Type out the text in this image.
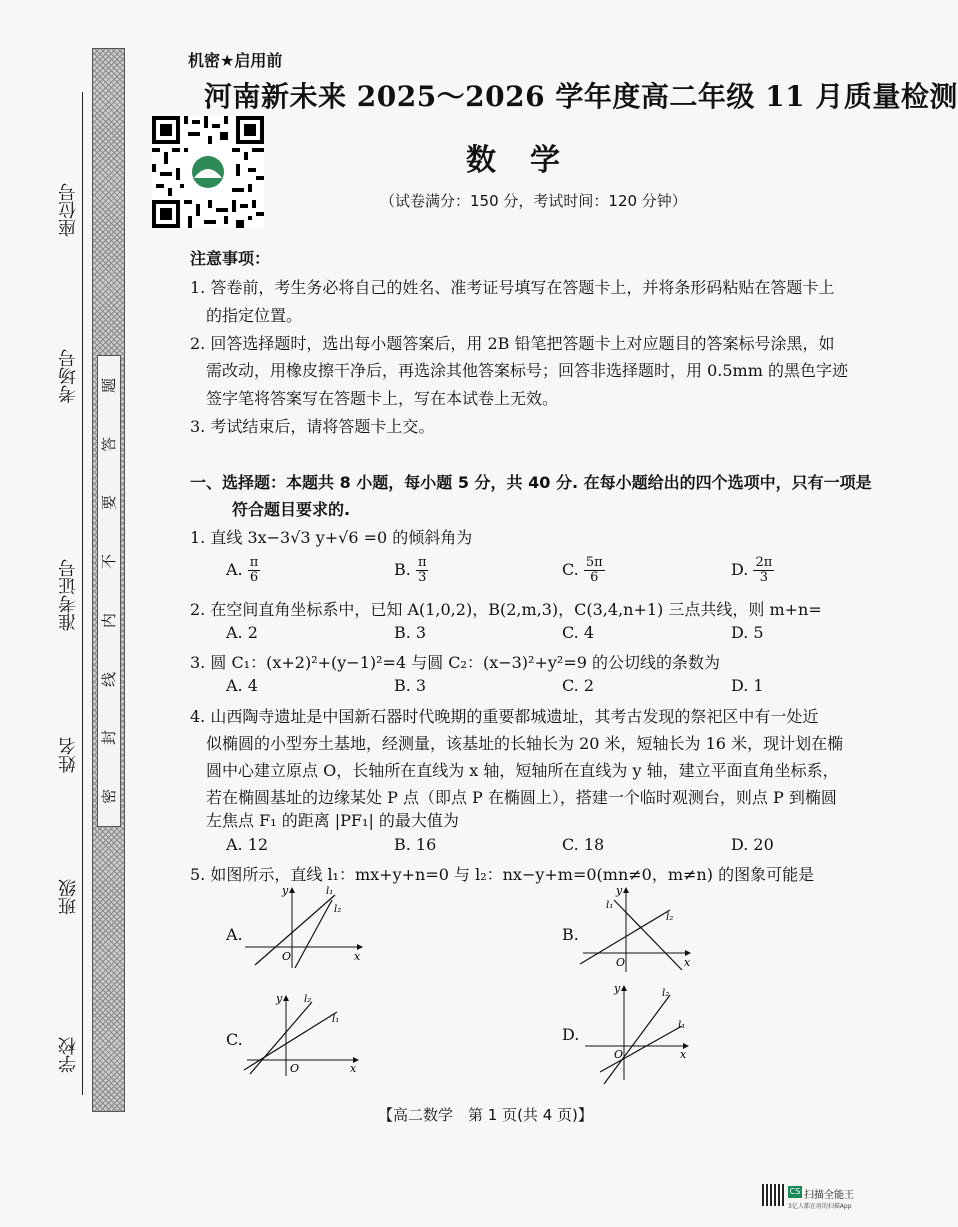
座位号
考场号
准考证号
姓名
班级
学校
题
答
要
不
内
线
封
密
机密★启用前
河南新未来 2025～2026 学年度高二年级 11 月质量检测
数学
（试卷满分：150 分，考试时间：120 分钟）
注意事项：
1. 答卷前，考生务必将自己的姓名、准考证号填写在答题卡上，并将条形码粘贴在答题卡上
的指定位置。
2. 回答选择题时，选出每小题答案后，用 2B 铅笔把答题卡上对应题目的答案标号涂黑，如
需改动，用橡皮擦干净后，再选涂其他答案标号；回答非选择题时，用 0.5mm 的黑色字迹
签字笔将答案写在答题卡上，写在本试卷上无效。
3. 考试结束后，请将答题卡上交。
一、选择题：本题共 8 小题，每小题 5 分，共 40 分. 在每小题给出的四个选项中，只有一项是
符合题目要求的.
1. 直线 3x−3√3 y+√6 =0 的倾斜角为
A. $\frac{\pi}{6}$	B. $\frac{\pi}{3}$	C. $\frac{5\pi}{6}$	D. $\frac{2\pi}{3}$
2. 在空间直角坐标系中，已知 A(1,0,2)，B(2,m,3)，C(3,4,n+1) 三点共线，则 m+n=
A. 2	B. 3	C. 4	D. 5
3. 圆 C₁：(x+2)²+(y−1)²=4 与圆 C₂：(x−3)²+y²=9 的公切线的条数为
A. 4	B. 3	C. 2	D. 1
4. 山西陶寺遗址是中国新石器时代晚期的重要都城遗址，其考古发现的祭祀区中有一处近
似椭圆的小型夯土基地，经测量，该基址的长轴长为 20 米，短轴长为 16 米，现计划在椭
圆中心建立原点 O，长轴所在直线为 x 轴，短轴所在直线为 y 轴，建立平面直角坐标系，
若在椭圆基址的边缘某处 P 点（即点 P 在椭圆上），搭建一个临时观测台，则点 P 到椭圆
左焦点 F₁ 的距离 |PF₁| 的最大值为
A. 12	B. 16	C. 18	D. 20
5. 如图所示，直线 l₁：mx+y+n=0 与 l₂：nx−y+m=0(mn≠0，m≠n) 的图象可能是
A.
O	x
y	l₁
l₂
B.
O	x
y
l₁
l₂
C.
O	x
y l₂
l₁
D.
O	x
y	l₂
l₁
【高二数学　第 1 页(共 4 页)】
CS 扫描全能王
3亿人都在用的扫描App
